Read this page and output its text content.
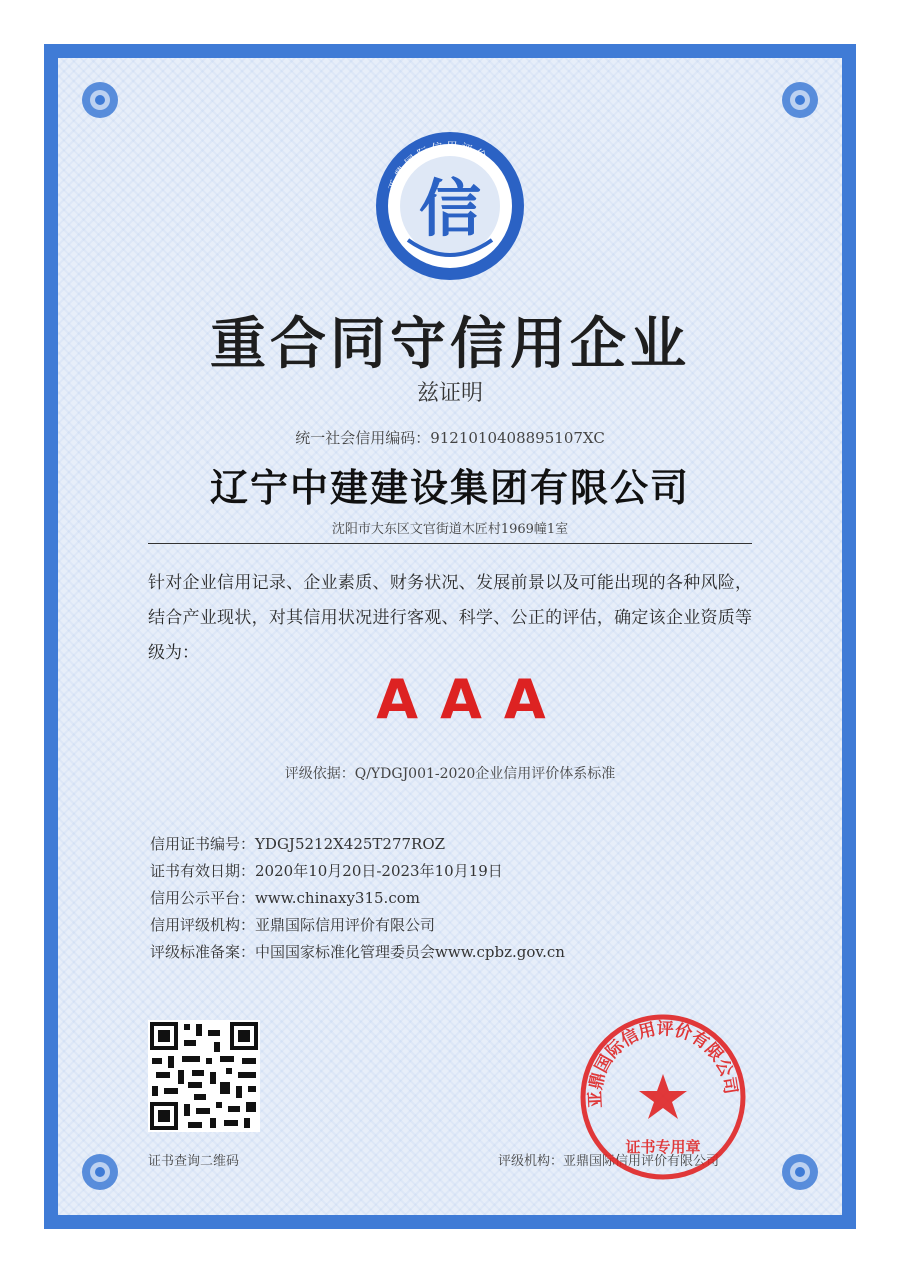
亚鼎国际信用评价
信
重合同守信用企业
兹证明
统一社会信用编码：9121010408895107XC
辽宁中建建设集团有限公司
沈阳市大东区文官街道木匠村1969幢1室
针对企业信用记录、企业素质、财务状况、发展前景以及可能出现的各种风险，结合产业现状，对其信用状况进行客观、科学、公正的评估，确定该企业资质等级为：
AAA
评级依据：Q/YDGJ001-2020企业信用评价体系标准
信用证书编号：YDGJ5212X425T277ROZ
证书有效日期：2020年10月20日-2023年10月19日
信用公示平台：www.chinaxy315.com
信用评级机构：亚鼎国际信用评价有限公司
评级标准备案：中国国家标准化管理委员会www.cpbz.gov.cn
证书查询二维码	评级机构：亚鼎国际信用评价有限公司
亚鼎国际信用评价有限公司
证书专用章
